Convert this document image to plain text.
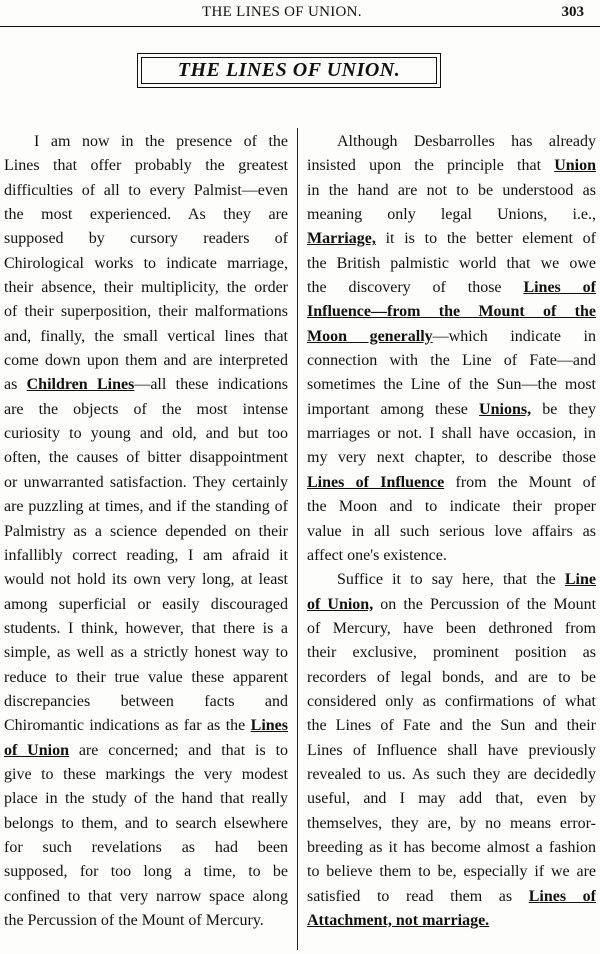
THE LINES OF UNION.	303
THE LINES OF UNION.
I am now in the presence of the
Lines that offer probably the greatest
difficulties of all to every Palmist—even
the most experienced. As they are
supposed by cursory readers of
Chirological works to indicate marriage,
their absence, their multiplicity, the order
of their superposition, their malformations
and, finally, the small vertical lines that
come down upon them and are interpreted
as Children Lines—all these indications
are the objects of the most intense
curiosity to young and old, and but too
often, the causes of bitter disappointment
or unwarranted satisfaction. They certainly
are puzzling at times, and if the standing of
Palmistry as a science depended on their
infallibly correct reading, I am afraid it
would not hold its own very long, at least
among superficial or easily discouraged
students. I think, however, that there is a
simple, as well as a strictly honest way to
reduce to their true value these apparent
discrepancies between facts and
Chiromantic indications as far as the Lines
of Union are concerned; and that is to
give to these markings the very modest
place in the study of the hand that really
belongs to them, and to search elsewhere
for such revelations as had been
supposed, for too long a time, to be
confined to that very narrow space along
the Percussion of the Mount of Mercury.
Although Desbarrolles has already
insisted upon the principle that Union
in the hand are not to be understood as
meaning only legal Unions, i.e.,
Marriage, it is to the better element of
the British palmistic world that we owe
the discovery of those Lines of
Influence—from the Mount of the
Moon generally—which indicate in
connection with the Line of Fate—and
sometimes the Line of the Sun—the most
important among these Unions, be they
marriages or not. I shall have occasion, in
my very next chapter, to describe those
Lines of Influence from the Mount of
the Moon and to indicate their proper
value in all such serious love affairs as
affect one's existence.
Suffice it to say here, that the Line
of Union, on the Percussion of the Mount
of Mercury, have been dethroned from
their exclusive, prominent position as
recorders of legal bonds, and are to be
considered only as confirmations of what
the Lines of Fate and the Sun and their
Lines of Influence shall have previously
revealed to us. As such they are decidedly
useful, and I may add that, even by
themselves, they are, by no means error-
breeding as it has become almost a fashion
to believe them to be, especially if we are
satisfied to read them as Lines of
Attachment, not marriage.
